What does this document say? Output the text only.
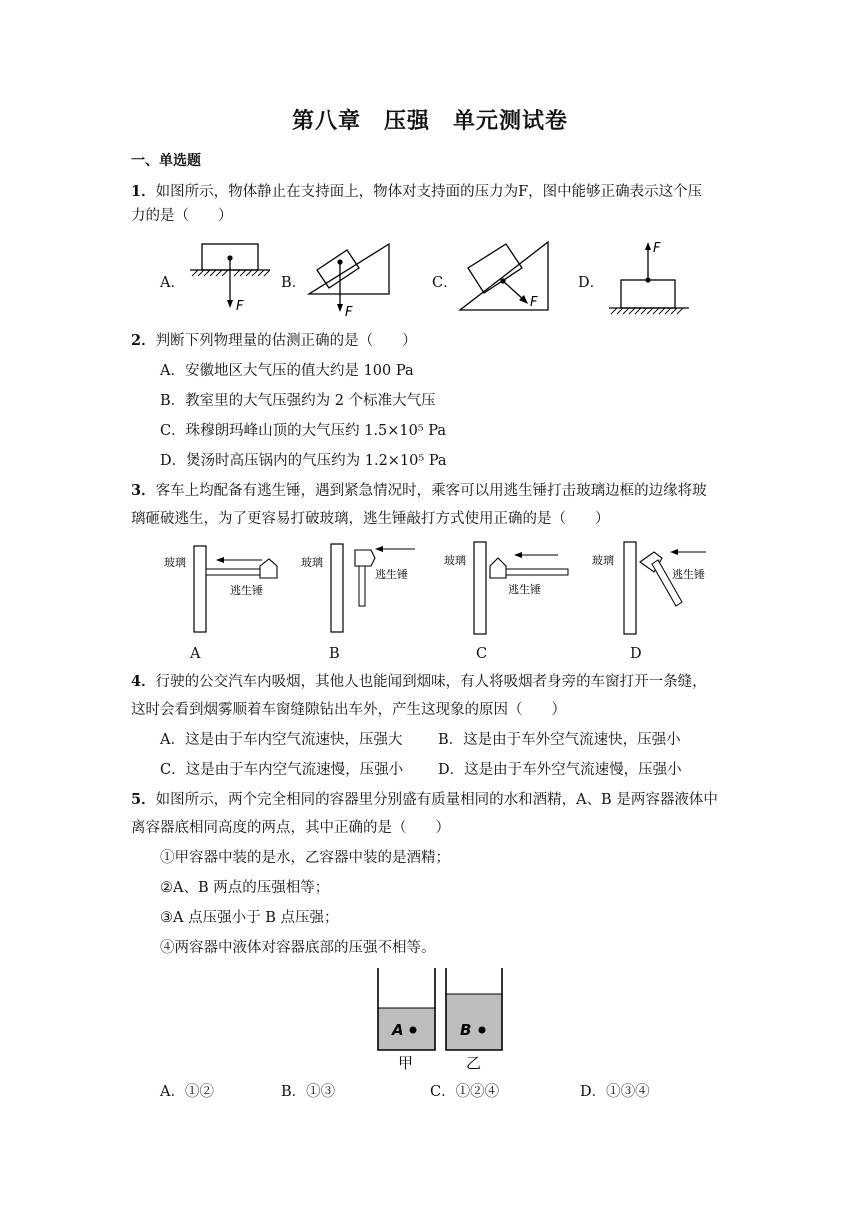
第八章　压强　单元测试卷
一、单选题
1．如图所示，物体静止在支持面上，物体对支持面的压力为F，图中能够正确表示这个压
力的是（　　）
A．	B．	C．	D．
F	F
F
F
2．判断下列物理量的估测正确的是（　　）
A．安徽地区大气压的值大约是 100 Pa
B．教室里的大气压强约为 2 个标准大气压
C．珠穆朗玛峰山顶的大气压约 1.5×10⁵ Pa
D．煲汤时高压锅内的气压约为 1.2×10⁵ Pa
3．客车上均配备有逃生锤，遇到紧急情况时，乘客可以用逃生锤打击玻璃边框的边缘将玻
璃砸破逃生，为了更容易打破玻璃，逃生锤敲打方式使用正确的是（　　）
玻璃
逃生锤
玻璃
逃生锤
玻璃
逃生锤
玻璃
逃生锤
A	B	C	D
4．行驶的公交汽车内吸烟，其他人也能闻到烟味，有人将吸烟者身旁的车窗打开一条缝，
这时会看到烟雾顺着车窗缝隙钻出车外，产生这现象的原因（　　）
A．这是由于车内空气流速快，压强大 B．这是由于车外空气流速快，压强小
C．这是由于车内空气流速慢，压强小 D．这是由于车外空气流速慢，压强小
5．如图所示，两个完全相同的容器里分别盛有质量相同的水和酒精，A、B 是两容器液体中
离容器底相同高度的两点，其中正确的是（　　）
①甲容器中装的是水，乙容器中装的是酒精；
②A、B 两点的压强相等；
③A 点压强小于 B 点压强；
④两容器中液体对容器底部的压强不相等。
A	B
甲	乙
A．①②	B．①③	C．①②④	D．①③④
